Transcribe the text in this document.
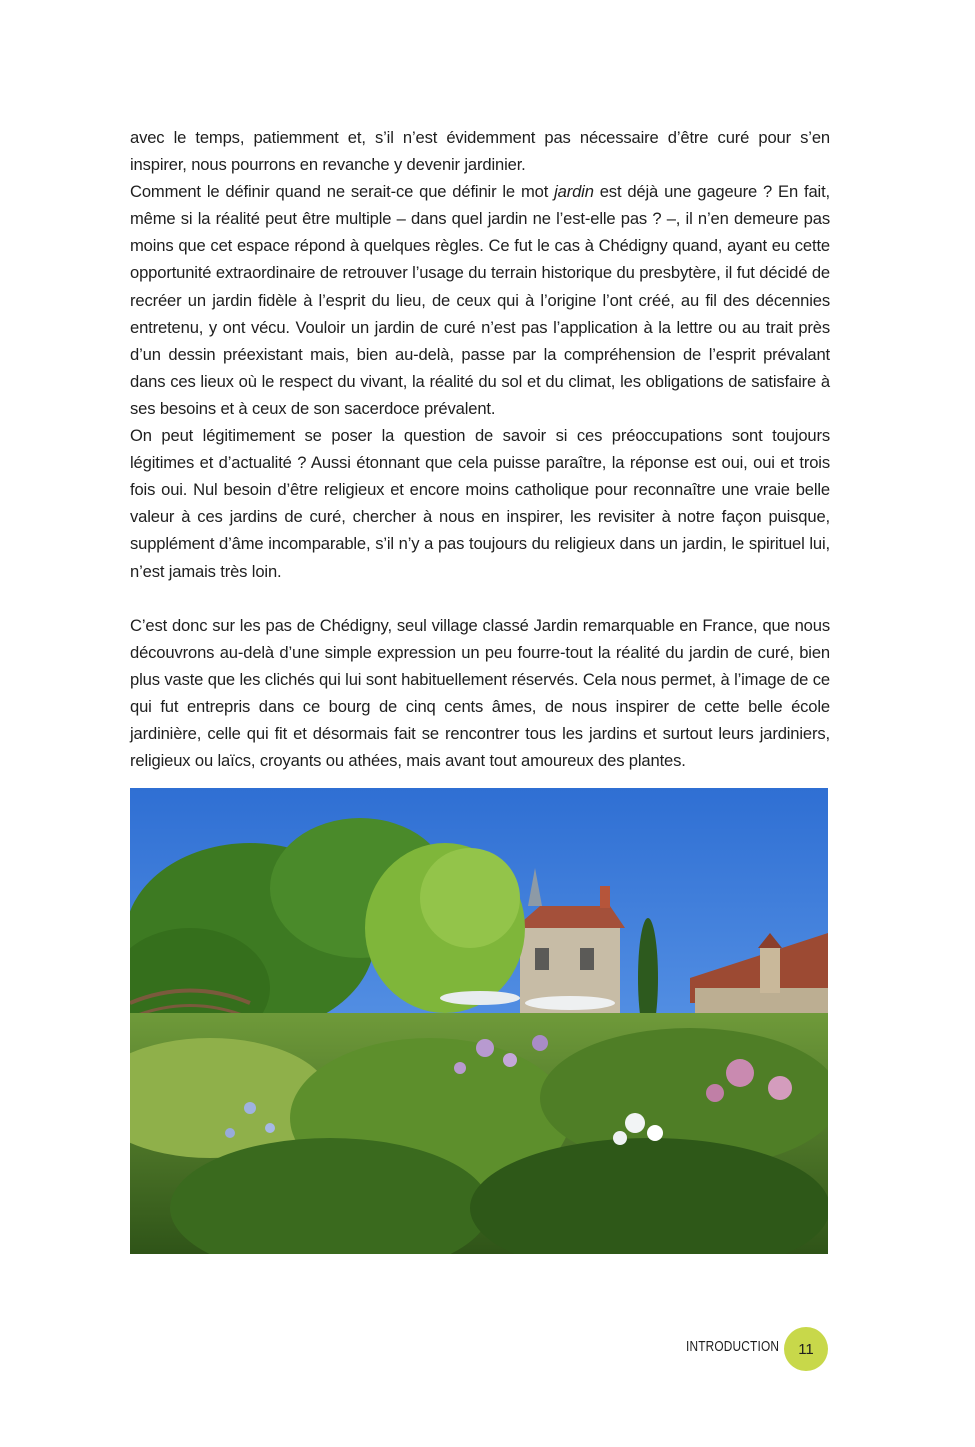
avec le temps, patiemment et, s’il n’est évidemment pas nécessaire d’être curé pour s’en inspirer, nous pourrons en revanche y devenir jardinier.

Comment le définir quand ne serait-ce que définir le mot jardin est déjà une gageure ? En fait, même si la réalité peut être multiple – dans quel jardin ne l’est-elle pas ? –, il n’en demeure pas moins que cet espace répond à quelques règles. Ce fut le cas à Chédigny quand, ayant eu cette opportunité extraordinaire de retrouver l’usage du terrain historique du presbytère, il fut décidé de recréer un jardin fidèle à l’esprit du lieu, de ceux qui à l’origine l’ont créé, au fil des décennies entretenu, y ont vécu. Vouloir un jardin de curé n’est pas l’application à la lettre ou au trait près d’un dessin préexistant mais, bien au-delà, passe par la compréhension de l’esprit prévalant dans ces lieux où le respect du vivant, la réalité du sol et du climat, les obligations de satisfaire à ses besoins et à ceux de son sacerdoce prévalent.

On peut légitimement se poser la question de savoir si ces préoccupations sont toujours légitimes et d’actualité ? Aussi étonnant que cela puisse paraître, la réponse est oui, oui et trois fois oui. Nul besoin d’être religieux et encore moins catholique pour reconnaître une vraie belle valeur à ces jardins de curé, chercher à nous en inspirer, les revisiter à notre façon puisque, supplément d’âme incomparable, s’il n’y a pas toujours du religieux dans un jardin, le spirituel lui, n’est jamais très loin.

C’est donc sur les pas de Chédigny, seul village classé Jardin remarquable en France, que nous découvrons au-delà d’une simple expression un peu fourre-tout la réalité du jardin de curé, bien plus vaste que les clichés qui lui sont habituellement réservés. Cela nous permet, à l’image de ce qui fut entrepris dans ce bourg de cinq cents âmes, de nous inspirer de cette belle école jardinière, celle qui fit et désormais fait se rencontrer tous les jardins et surtout leurs jardiniers, religieux ou laïcs, croyants ou athées, mais avant tout amoureux des plantes.

INTRODUCTION	11
